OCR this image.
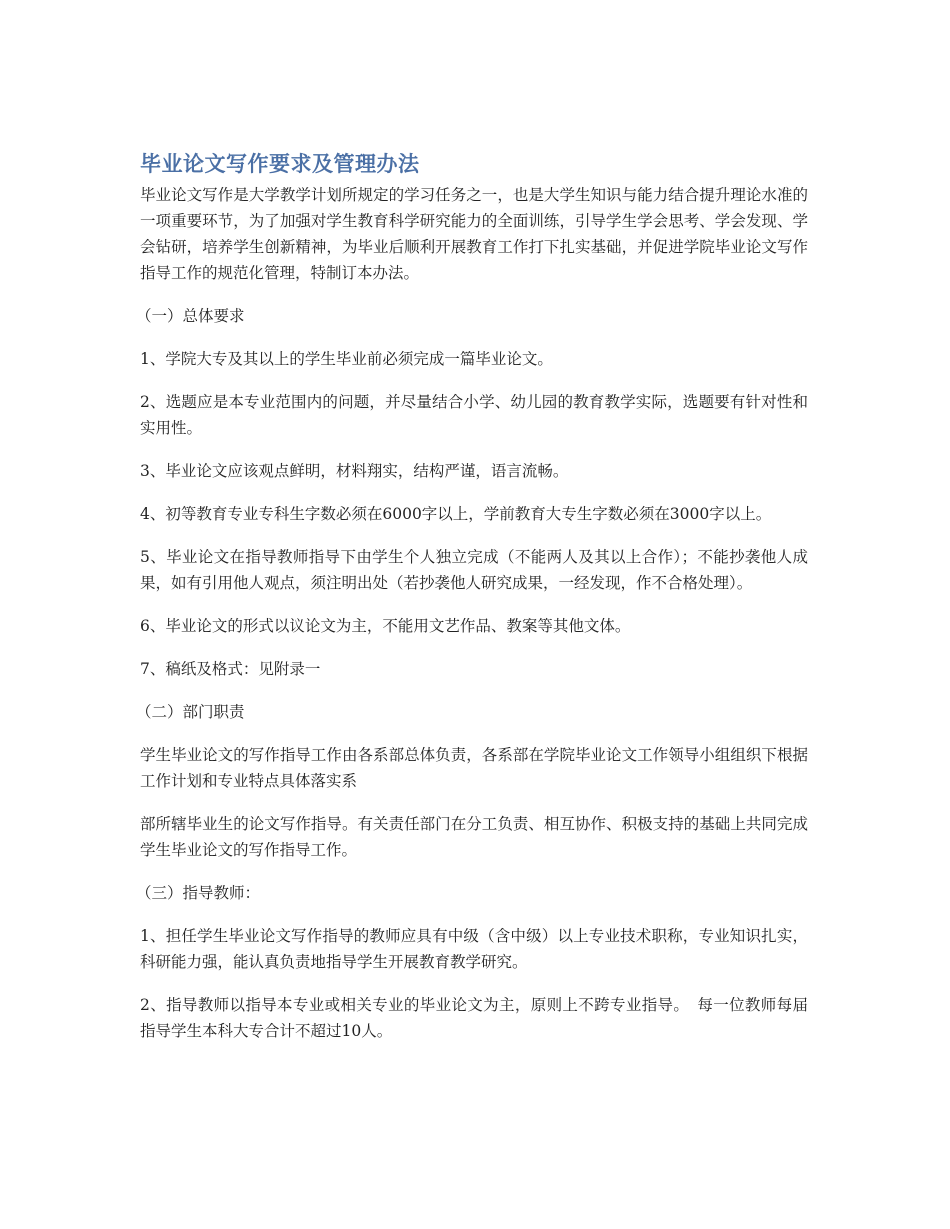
毕业论文写作要求及管理办法

毕业论文写作是大学教学计划所规定的学习任务之一，也是大学生知识与能力结合提升理论水准的一项重要环节，为了加强对学生教育科学研究能力的全面训练，引导学生学会思考、学会发现、学会钻研，培养学生创新精神，为毕业后顺利开展教育工作打下扎实基础，并促进学院毕业论文写作指导工作的规范化管理，特制订本办法。

（一）总体要求

1、学院大专及其以上的学生毕业前必须完成一篇毕业论文。

2、选题应是本专业范围内的问题，并尽量结合小学、幼儿园的教育教学实际，选题要有针对性和实用性。

3、毕业论文应该观点鲜明，材料翔实，结构严谨，语言流畅。

4、初等教育专业专科生字数必须在6000字以上，学前教育大专生字数必须在3000字以上。

5、毕业论文在指导教师指导下由学生个人独立完成（不能两人及其以上合作）；不能抄袭他人成果，如有引用他人观点，须注明出处（若抄袭他人研究成果，一经发现，作不合格处理）。

6、毕业论文的形式以议论文为主，不能用文艺作品、教案等其他文体。

7、稿纸及格式：见附录一

（二）部门职责

学生毕业论文的写作指导工作由各系部总体负责，各系部在学院毕业论文工作领导小组组织下根据工作计划和专业特点具体落实系

部所辖毕业生的论文写作指导。有关责任部门在分工负责、相互协作、积极支持的基础上共同完成学生毕业论文的写作指导工作。

（三）指导教师：

1、担任学生毕业论文写作指导的教师应具有中级（含中级）以上专业技术职称，专业知识扎实，科研能力强，能认真负责地指导学生开展教育教学研究。

2、指导教师以指导本专业或相关专业的毕业论文为主，原则上不跨专业指导。　每一位教师每届指导学生本科大专合计不超过10人。
